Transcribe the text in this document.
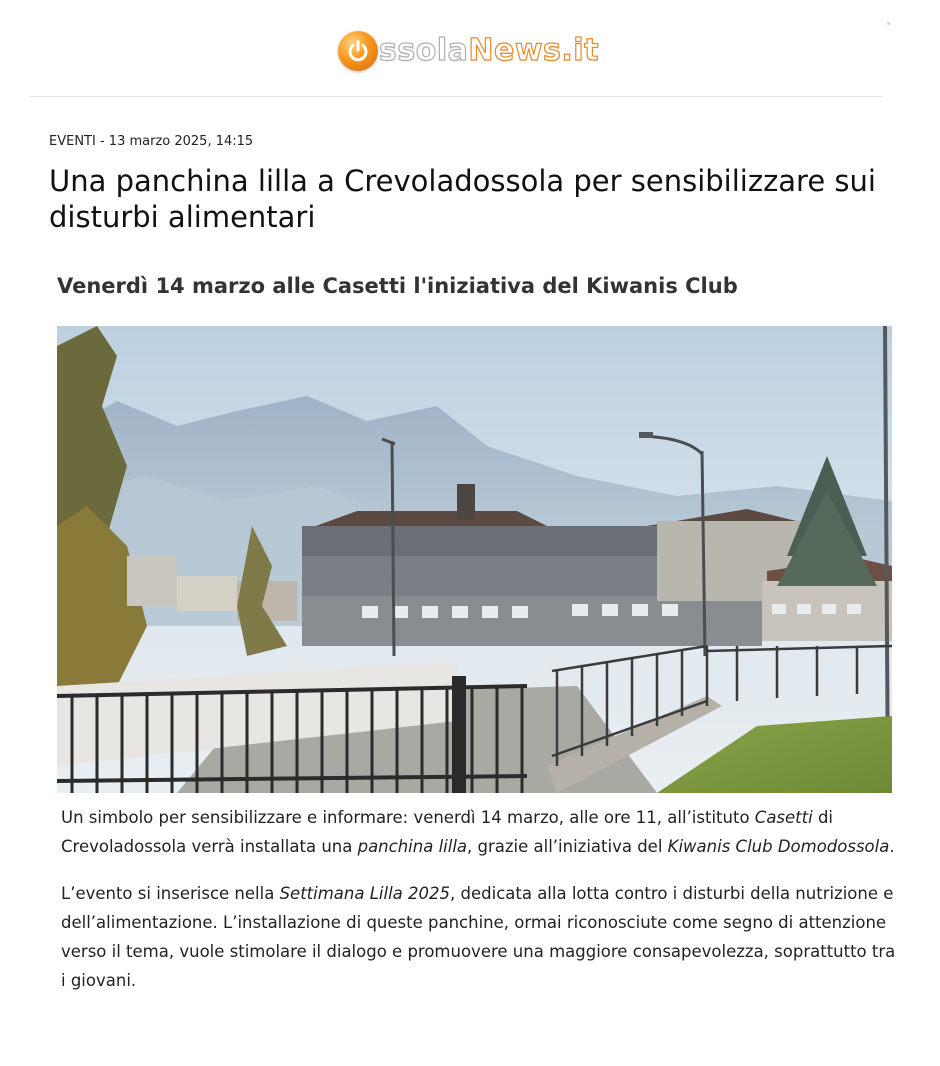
ssolaNews.it
EVENTI - 13 marzo 2025, 14:15
Una panchina lilla a Crevoladossola per sensibilizzare sui disturbi alimentari
Venerdì 14 marzo alle Casetti l'iniziativa del Kiwanis Club

Un simbolo per sensibilizzare e informare: venerdì 14 marzo, alle ore 11, all’istituto Casetti di Crevoladossola verrà installata una panchina lilla, grazie all’iniziativa del Kiwanis Club Domodossola.

L’evento si inserisce nella Settimana Lilla 2025, dedicata alla lotta contro i disturbi della nutrizione e dell’alimentazione. L’installazione di queste panchine, ormai riconosciute come segno di attenzione verso il tema, vuole stimolare il dialogo e promuovere una maggiore consapevolezza, soprattutto tra i giovani.
